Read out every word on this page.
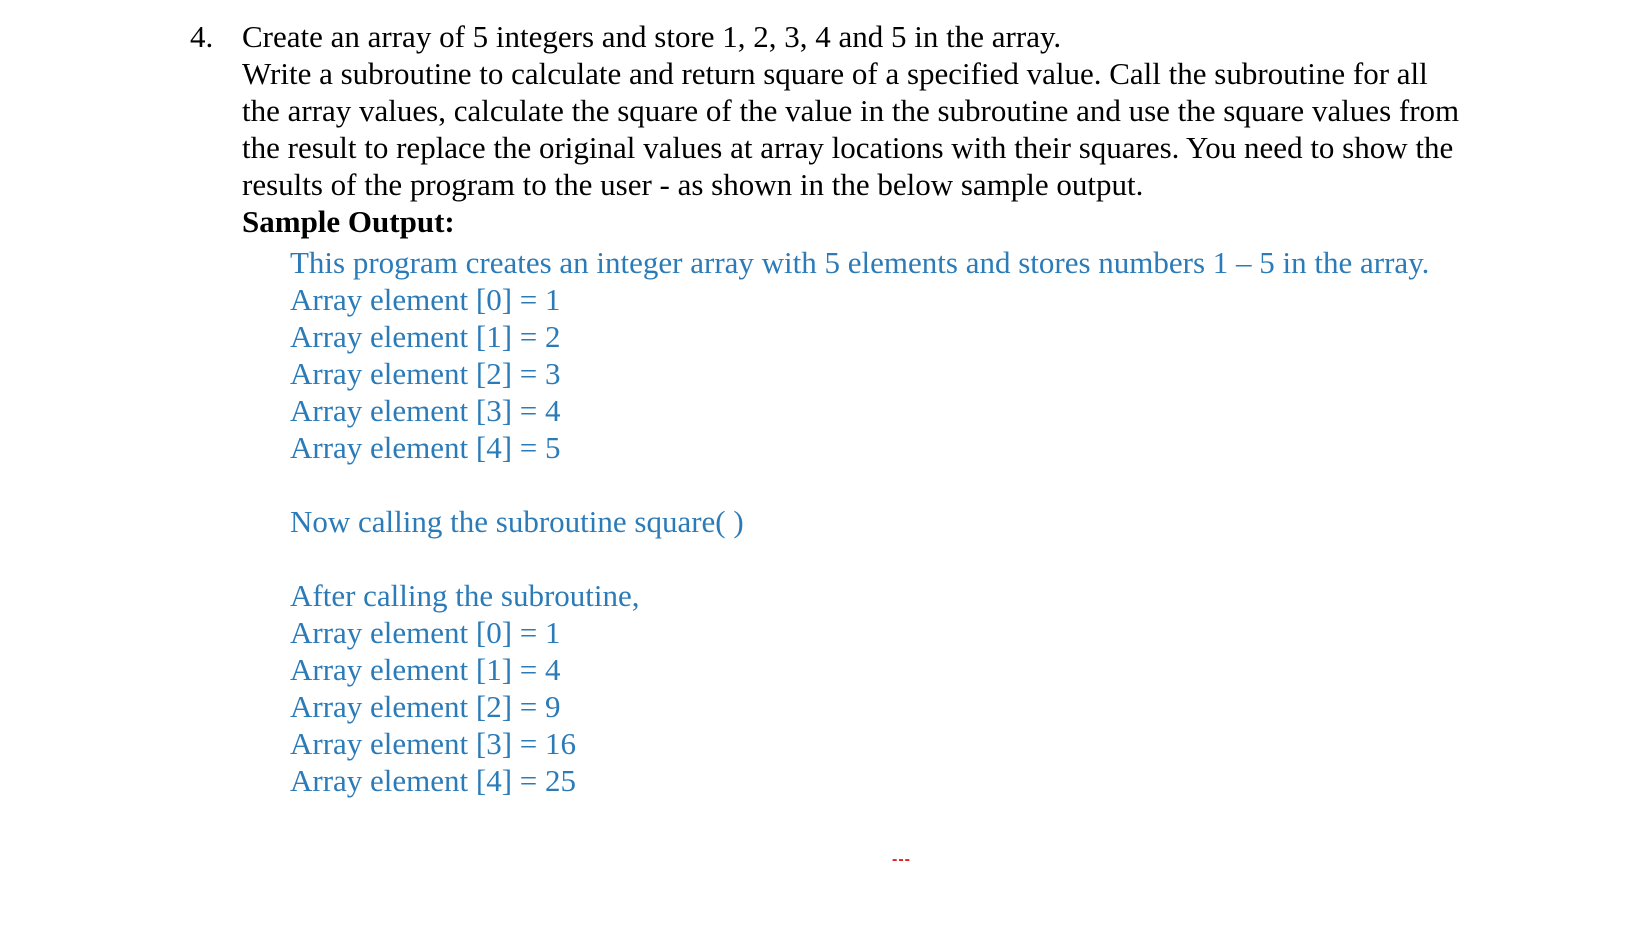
4. Create an array of 5 integers and store 1, 2, 3, 4 and 5 in the array.
Write a subroutine to calculate and return square of a specified value. Call the subroutine for all
the array values, calculate the square of the value in the subroutine and use the square values from
the result to replace the original values at array locations with their squares. You need to show the
results of the program to the user - as shown in the below sample output.
Sample Output:
This program creates an integer array with 5 elements and stores numbers 1 – 5 in the array.
Array element [0] = 1
Array element [1] = 2
Array element [2] = 3
Array element [3] = 4
Array element [4] = 5
Now calling the subroutine square( )
After calling the subroutine,
Array element [0] = 1
Array element [1] = 4
Array element [2] = 9
Array element [3] = 16
Array element [4] = 25
---
